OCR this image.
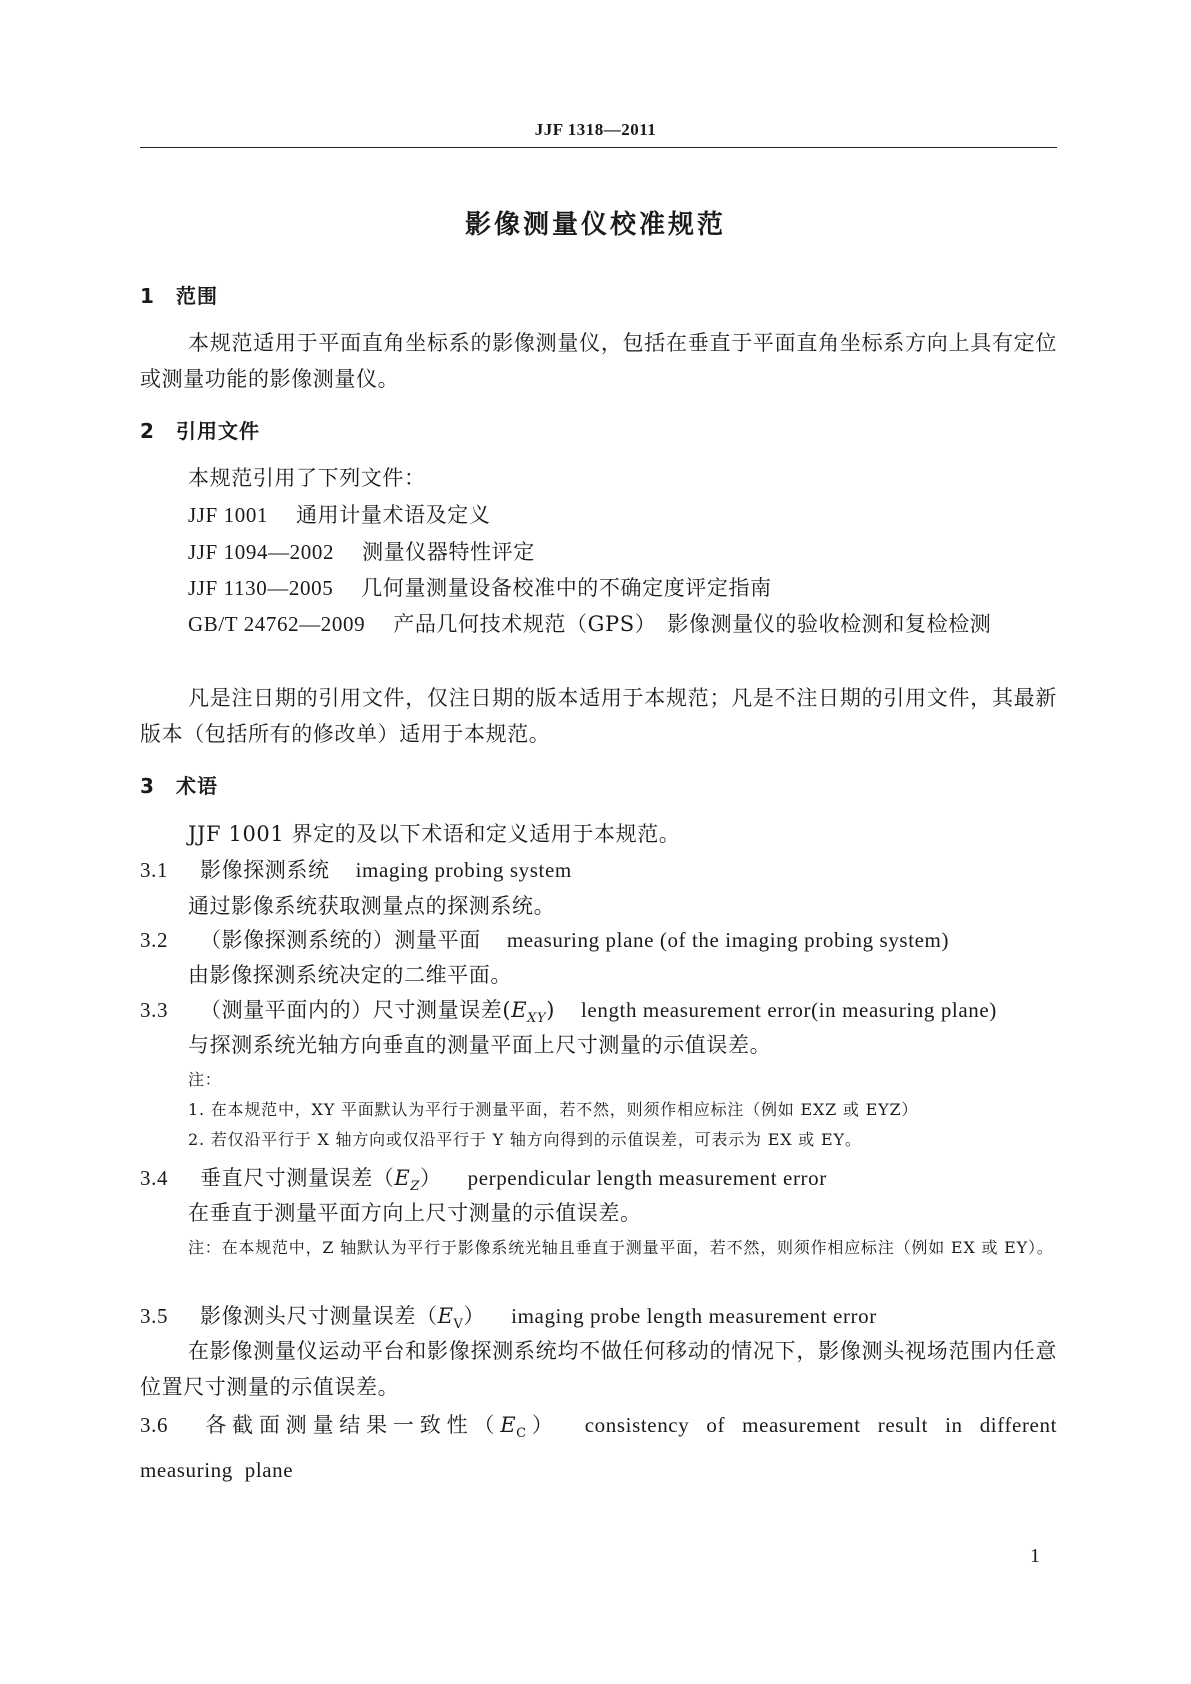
JJF 1318—2011
影像测量仪校准规范
1 范围

本规范适用于平面直角坐标系的影像测量仪，包括在垂直于平面直角坐标系方向上具有定位或测量功能的影像测量仪。

2 引用文件

本规范引用了下列文件：

JJF 1001 通用计量术语及定义

JJF 1094—2002 测量仪器特性评定

JJF 1130—2005 几何量测量设备校准中的不确定度评定指南

GB/T 24762—2009 产品几何技术规范（GPS）　影像测量仪的验收检测和复检检测

凡是注日期的引用文件，仅注日期的版本适用于本规范；凡是不注日期的引用文件，其最新版本（包括所有的修改单）适用于本规范。

3 术语

JJF 1001 界定的及以下术语和定义适用于本规范。

3.1 影像探测系统 imaging probing system

通过影像系统获取测量点的探测系统。

3.2 （影像探测系统的）测量平面 measuring plane (of the imaging probing system)

由影像探测系统决定的二维平面。

3.3 （测量平面内的）尺寸测量误差$(E_{XY})$ length measurement error(in measuring plane)

与探测系统光轴方向垂直的测量平面上尺寸测量的示值误差。

注：

1. 在本规范中，XY 平面默认为平行于测量平面，若不然，则须作相应标注（例如 EXZ 或 EYZ）

2. 若仅沿平行于 X 轴方向或仅沿平行于 Y 轴方向得到的示值误差，可表示为 EX 或 EY。

3.4 垂直尺寸测量误差$(E_Z)$ perpendicular length measurement error

在垂直于测量平面方向上尺寸测量的示值误差。

注：在本规范中，Z 轴默认为平行于影像系统光轴且垂直于测量平面，若不然，则须作相应标注（例如 EX 或 EY）。

3.5 影像测头尺寸测量误差$(E_V)$ imaging probe length measurement error

在影像测量仪运动平台和影像探测系统均不做任何移动的情况下，影像测头视场范围内任意位置尺寸测量的示值误差。

3.6 各截面测量结果一致性$(E_C)$ consistency of measurement result in different measuring plane

1
